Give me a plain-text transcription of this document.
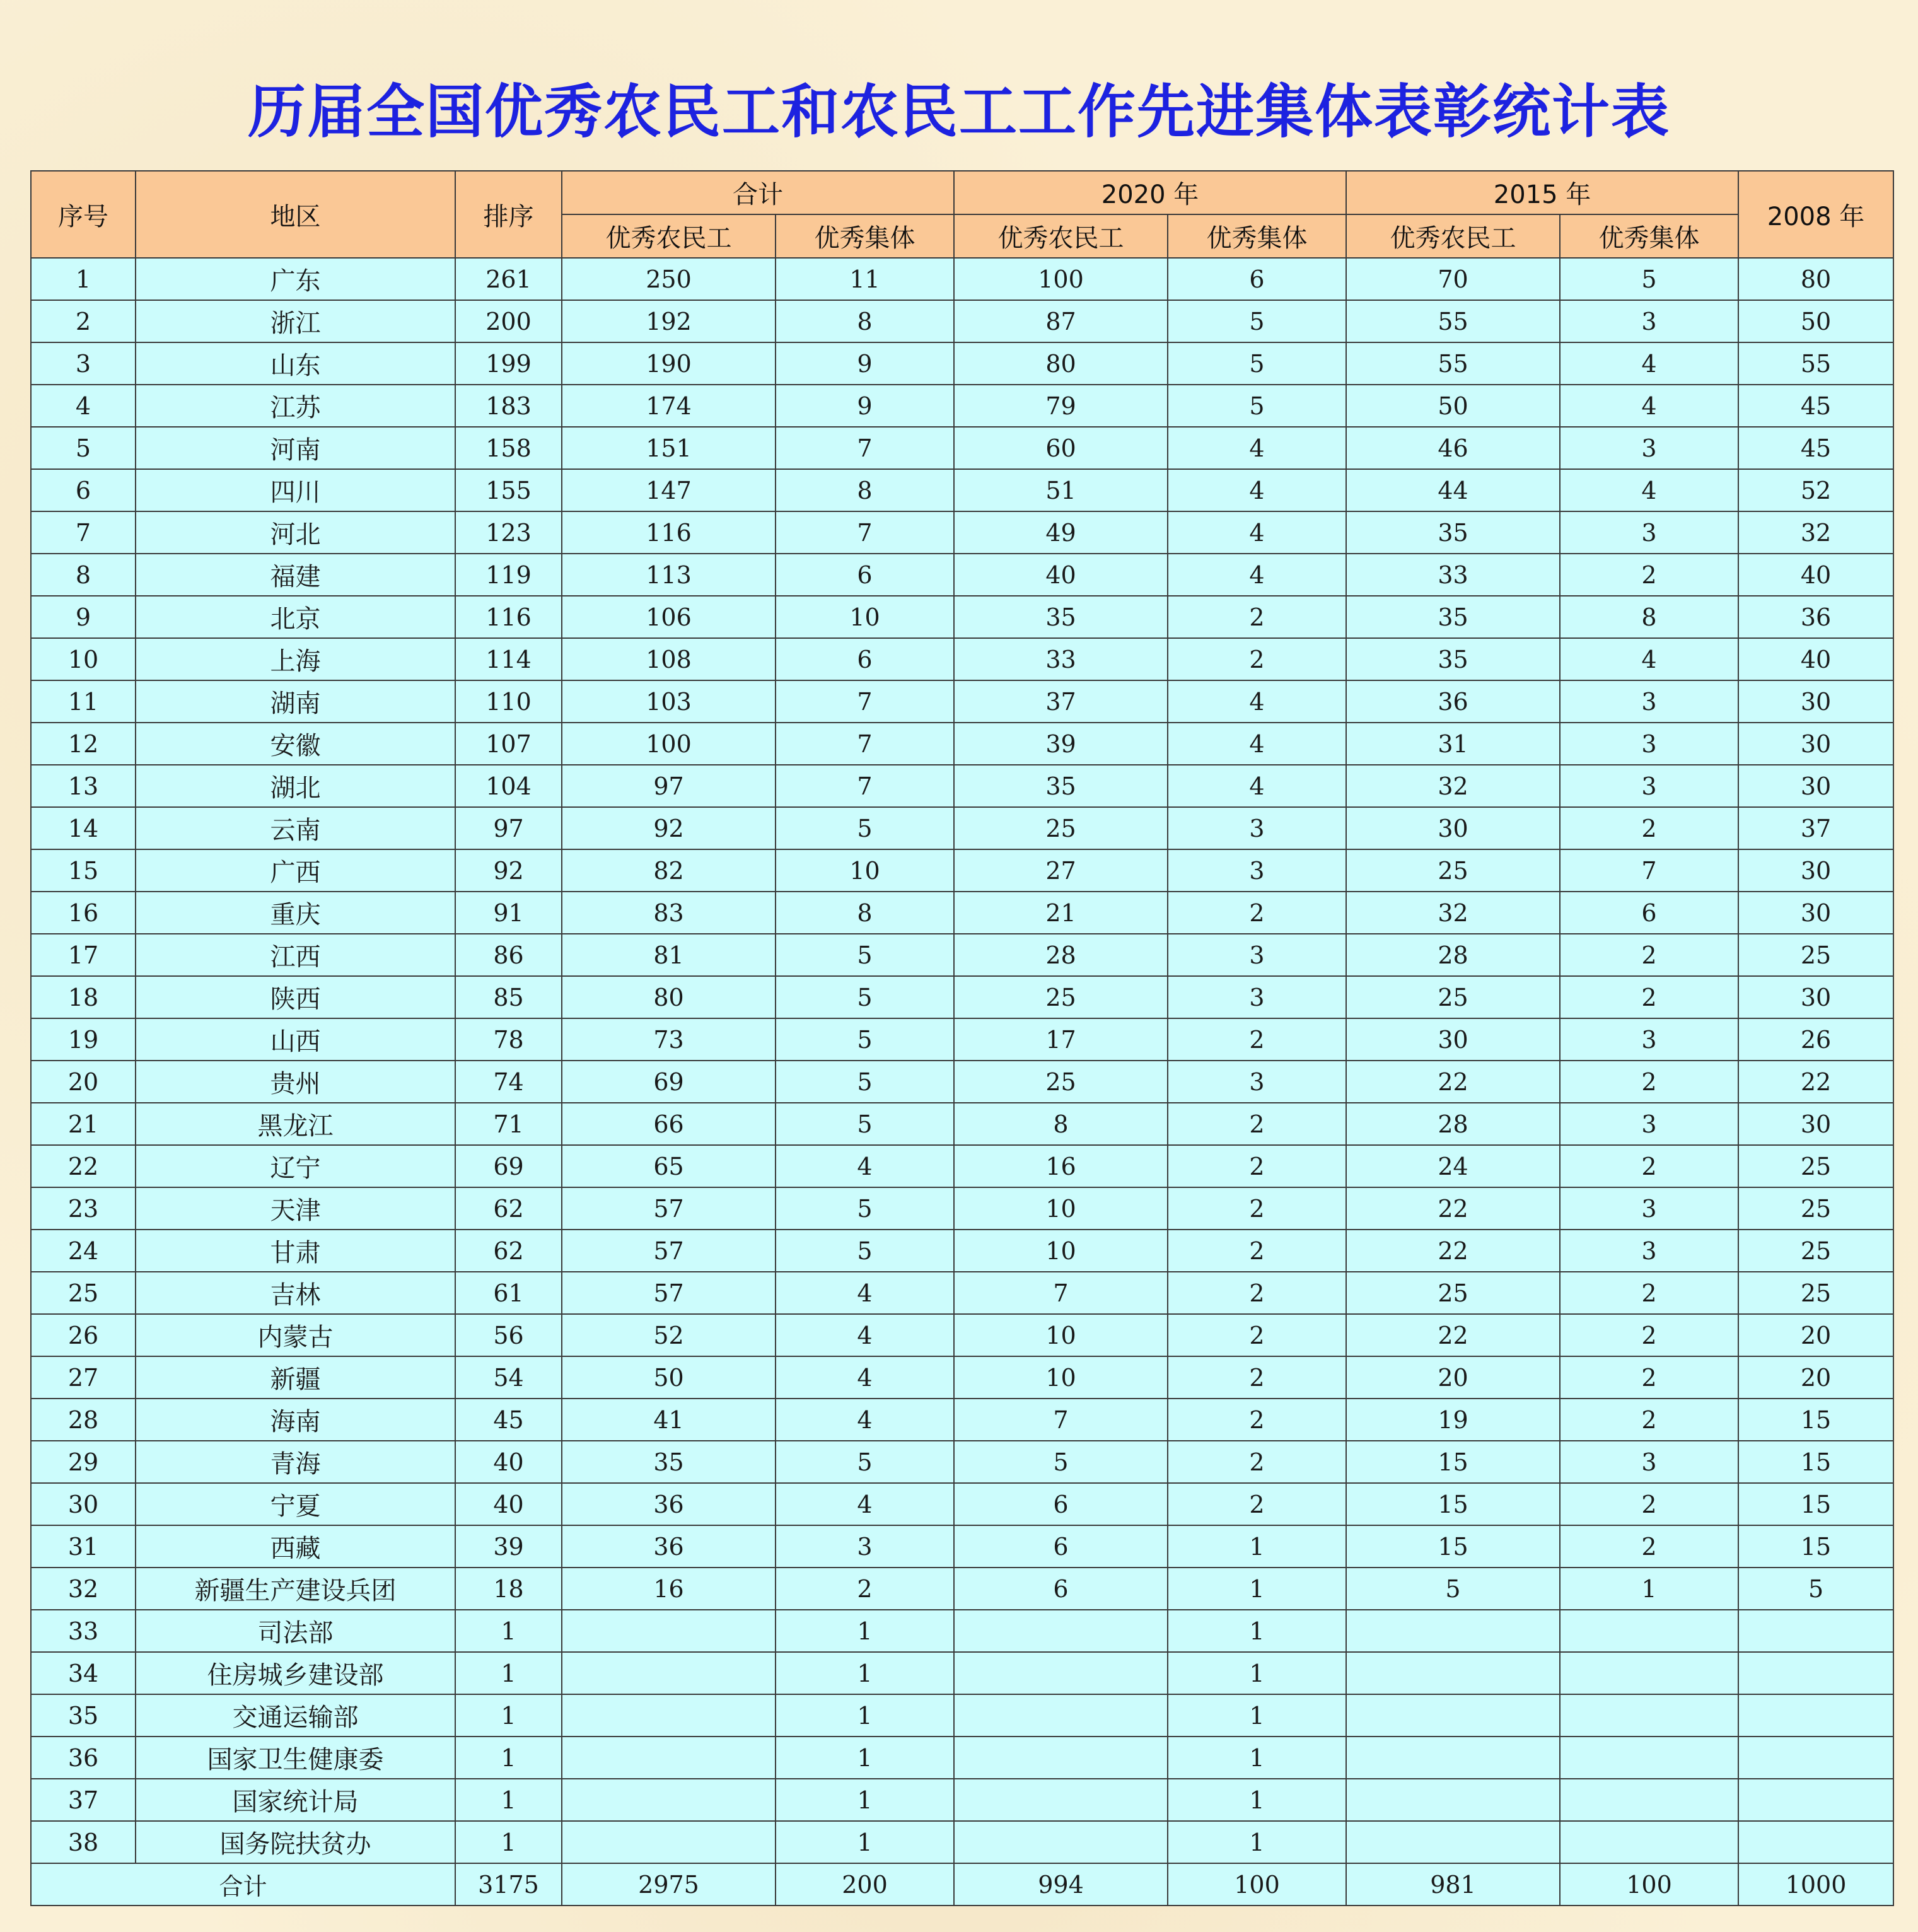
历届全国优秀农民工和农民工工作先进集体表彰统计表
序号	地区	排序	合计		2020 年		2015 年		2008 年
			优秀农民工	优秀集体	优秀农民工	优秀集体	优秀农民工	优秀集体	
1	广东	261	250	11	100	6	70	5	80
2	浙江	200	192	8	87	5	55	3	50
3	山东	199	190	9	80	5	55	4	55
4	江苏	183	174	9	79	5	50	4	45
5	河南	158	151	7	60	4	46	3	45
6	四川	155	147	8	51	4	44	4	52
7	河北	123	116	7	49	4	35	3	32
8	福建	119	113	6	40	4	33	2	40
9	北京	116	106	10	35	2	35	8	36
10	上海	114	108	6	33	2	35	4	40
11	湖南	110	103	7	37	4	36	3	30
12	安徽	107	100	7	39	4	31	3	30
13	湖北	104	97	7	35	4	32	3	30
14	云南	97	92	5	25	3	30	2	37
15	广西	92	82	10	27	3	25	7	30
16	重庆	91	83	8	21	2	32	6	30
17	江西	86	81	5	28	3	28	2	25
18	陕西	85	80	5	25	3	25	2	30
19	山西	78	73	5	17	2	30	3	26
20	贵州	74	69	5	25	3	22	2	22
21	黑龙江	71	66	5	8	2	28	3	30
22	辽宁	69	65	4	16	2	24	2	25
23	天津	62	57	5	10	2	22	3	25
24	甘肃	62	57	5	10	2	22	3	25
25	吉林	61	57	4	7	2	25	2	25
26	内蒙古	56	52	4	10	2	22	2	20
27	新疆	54	50	4	10	2	20	2	20
28	海南	45	41	4	7	2	19	2	15
29	青海	40	35	5	5	2	15	3	15
30	宁夏	40	36	4	6	2	15	2	15
31	西藏	39	36	3	6	1	15	2	15
32	新疆生产建设兵团	18	16	2	6	1	5	1	5
33	司法部	1		1		1			
34	住房城乡建设部	1		1		1			
35	交通运输部	1		1		1			
36	国家卫生健康委	1		1		1			
37	国家统计局	1		1		1			
38	国务院扶贫办	1		1		1			
合计		3175	2975	200	994	100	981	100	1000
